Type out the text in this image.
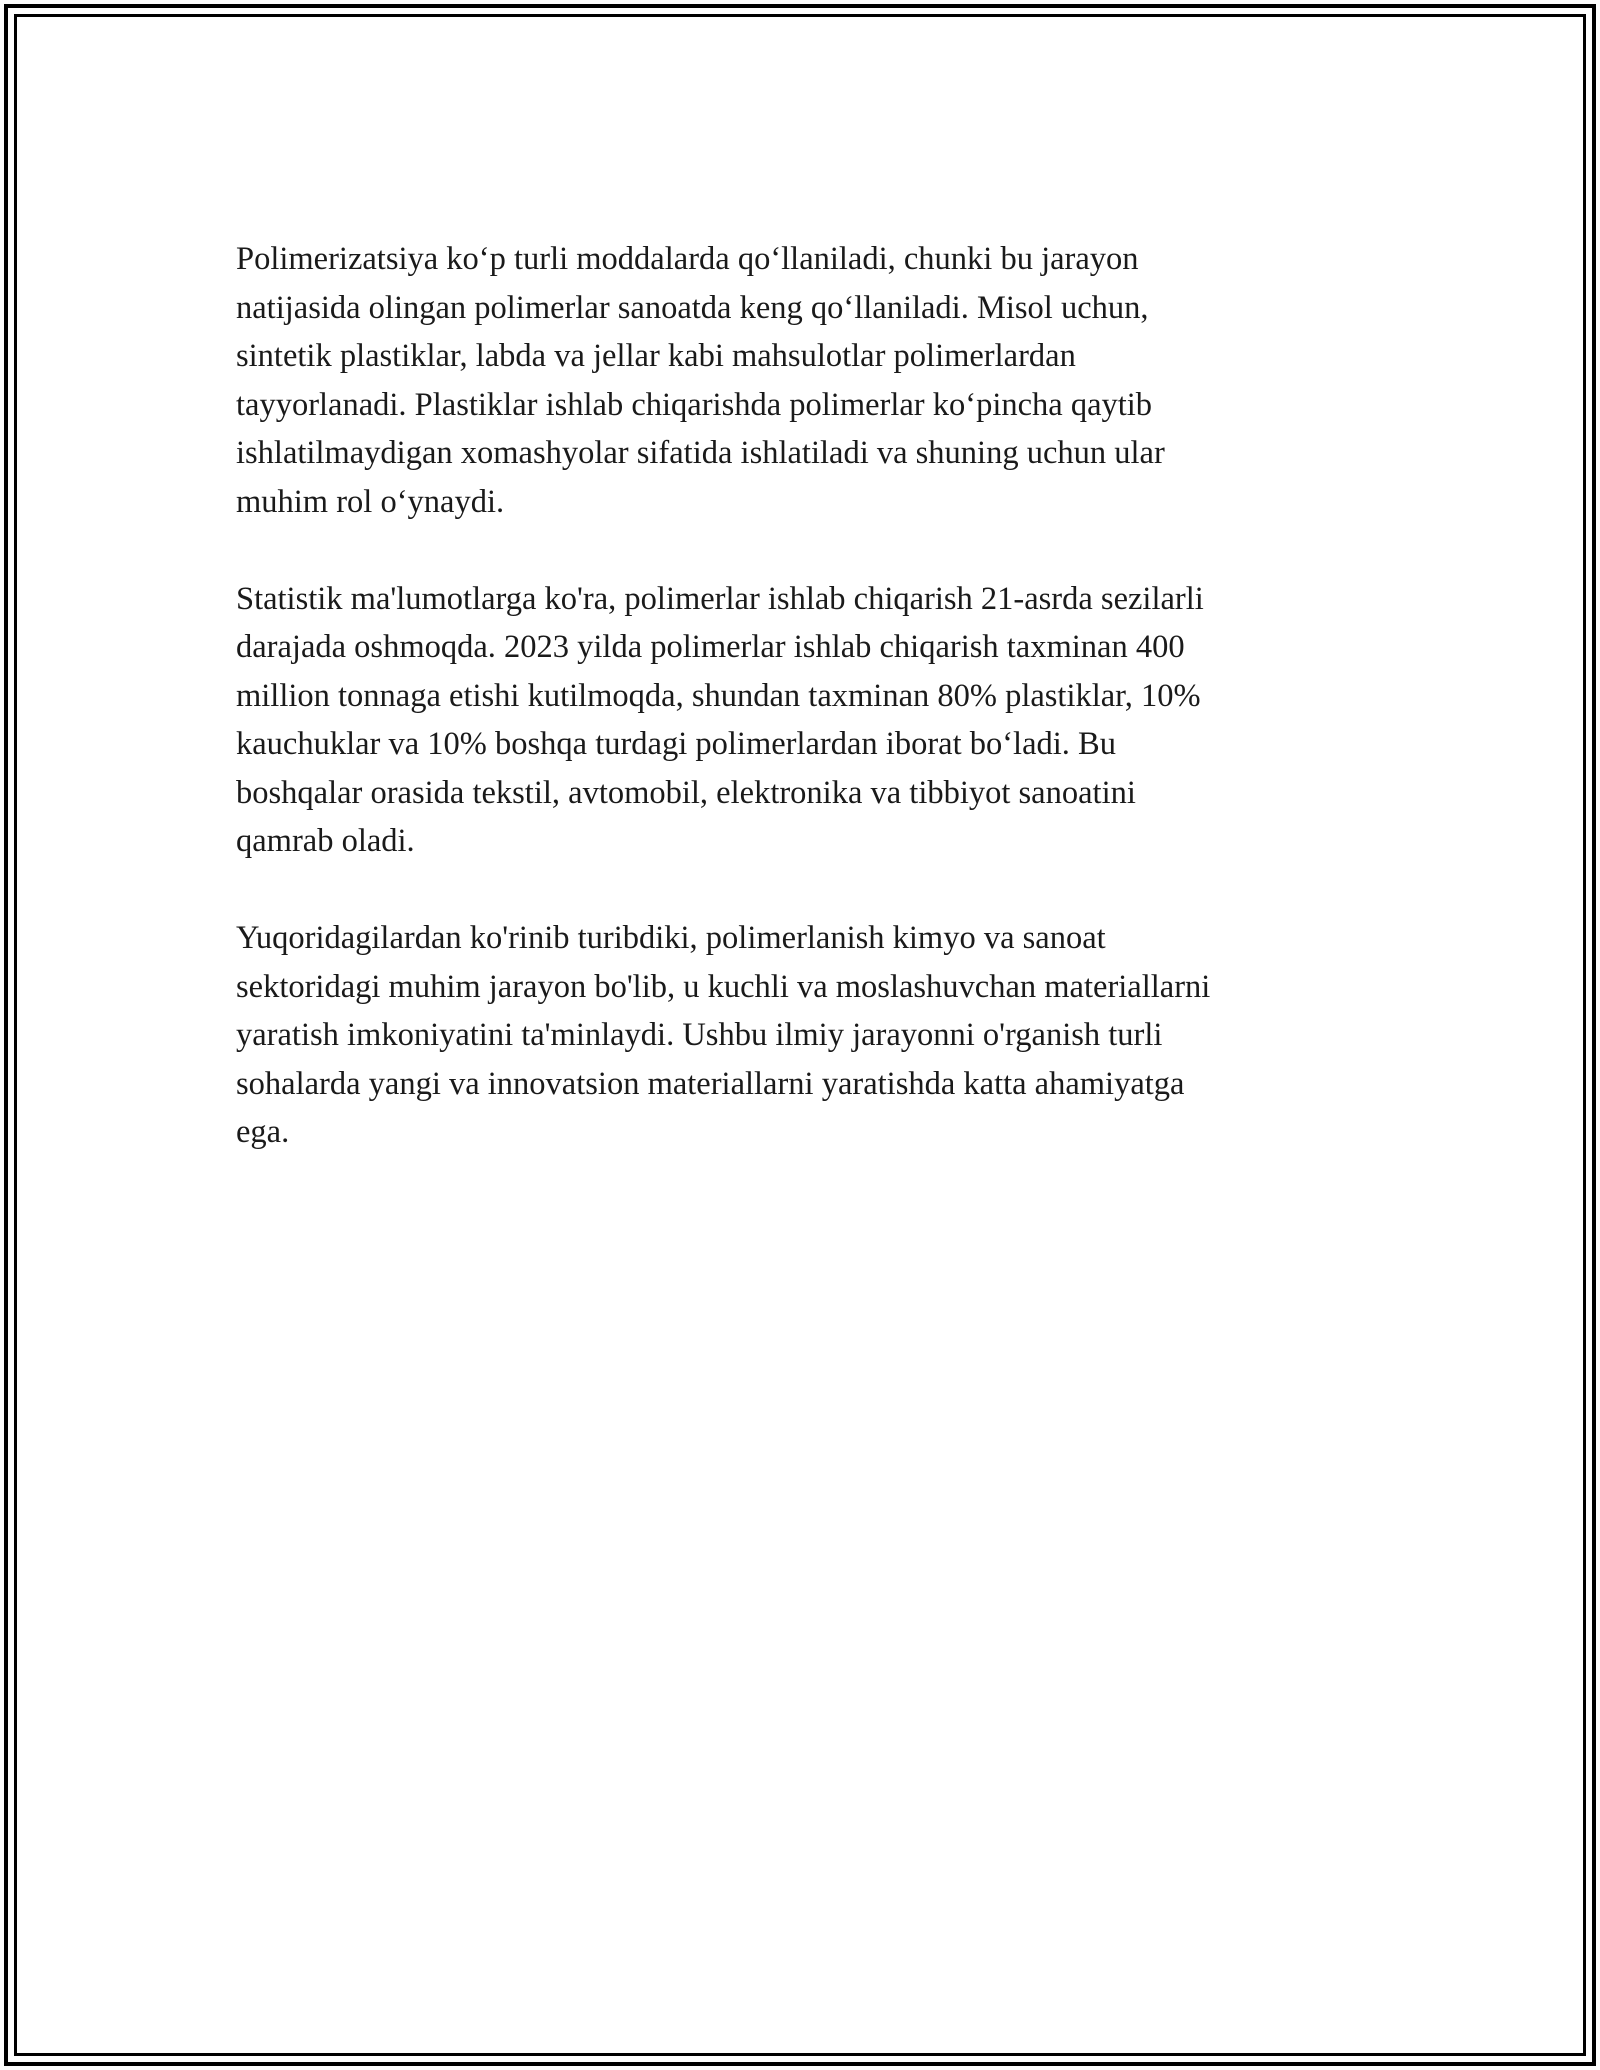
Polimerizatsiya ko‘p turli moddalarda qo‘llaniladi, chunki bu jarayon
natijasida olingan polimerlar sanoatda keng qo‘llaniladi. Misol uchun,
sintetik plastiklar, labda va jellar kabi mahsulotlar polimerlardan
tayyorlanadi. Plastiklar ishlab chiqarishda polimerlar ko‘pincha qaytib
ishlatilmaydigan xomashyolar sifatida ishlatiladi va shuning uchun ular
muhim rol o‘ynaydi.

Statistik ma'lumotlarga ko'ra, polimerlar ishlab chiqarish 21-asrda sezilarli
darajada oshmoqda. 2023 yilda polimerlar ishlab chiqarish taxminan 400
million tonnaga etishi kutilmoqda, shundan taxminan 80% plastiklar, 10%
kauchuklar va 10% boshqa turdagi polimerlardan iborat bo‘ladi. Bu
boshqalar orasida tekstil, avtomobil, elektronika va tibbiyot sanoatini
qamrab oladi.

Yuqoridagilardan ko'rinib turibdiki, polimerlanish kimyo va sanoat
sektoridagi muhim jarayon bo'lib, u kuchli va moslashuvchan materiallarni
yaratish imkoniyatini ta'minlaydi. Ushbu ilmiy jarayonni o'rganish turli
sohalarda yangi va innovatsion materiallarni yaratishda katta ahamiyatga
ega.
